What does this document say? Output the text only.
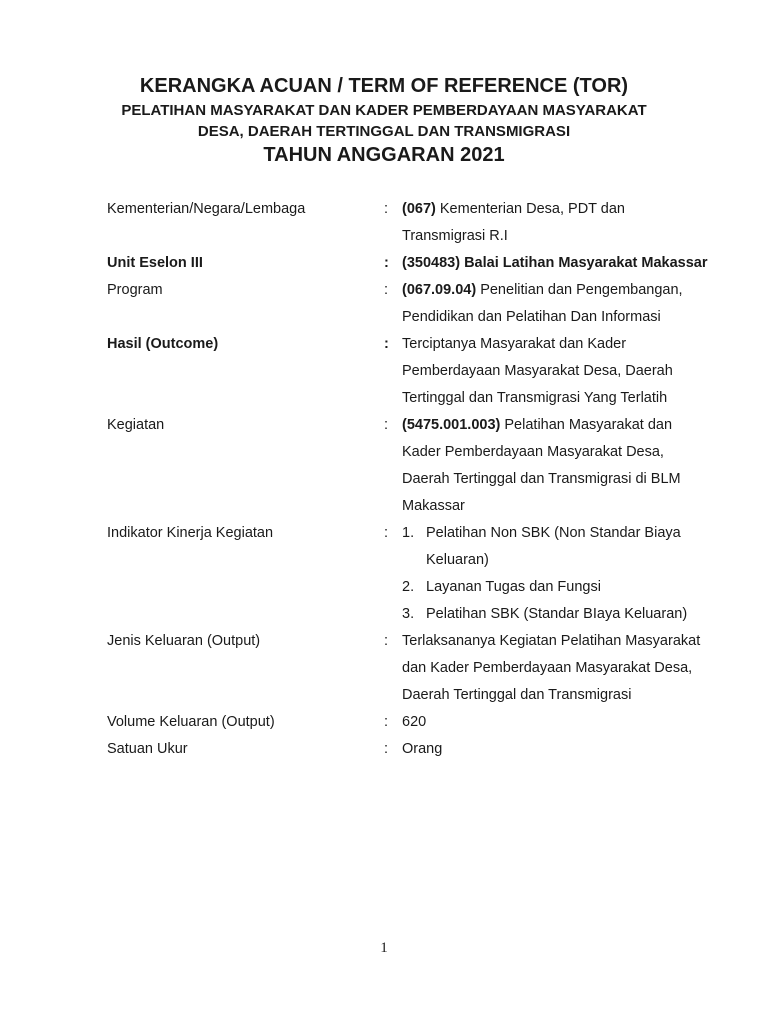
KERANGKA ACUAN / TERM OF REFERENCE (TOR)
PELATIHAN MASYARAKAT DAN KADER PEMBERDAYAAN MASYARAKAT
DESA, DAERAH TERTINGGAL DAN TRANSMIGRASI
TAHUN ANGGARAN 2021
Kementerian/Negara/Lembaga	: (067) Kementerian Desa, PDT dan
Transmigrasi R.I
Unit Eselon III	: (350483) Balai Latihan Masyarakat Makassar
Program	: (067.09.04) Penelitian dan Pengembangan,
Pendidikan dan Pelatihan Dan Informasi
Hasil (Outcome)	: Terciptanya Masyarakat dan Kader
Pemberdayaan Masyarakat Desa, Daerah
Tertinggal dan Transmigrasi Yang Terlatih
Kegiatan	: (5475.001.003) Pelatihan Masyarakat dan
Kader Pemberdayaan Masyarakat Desa,
Daerah Tertinggal dan Transmigrasi di BLM
Makassar
Indikator Kinerja Kegiatan	: 1. Pelatihan Non SBK (Non Standar Biaya
Keluaran)
2. Layanan Tugas dan Fungsi
3. Pelatihan SBK (Standar BIaya Keluaran)
Jenis Keluaran (Output)	: Terlaksananya Kegiatan Pelatihan Masyarakat
dan Kader Pemberdayaan Masyarakat Desa,
Daerah Tertinggal dan Transmigrasi
Volume Keluaran (Output)	: 620
Satuan Ukur	: Orang
1
